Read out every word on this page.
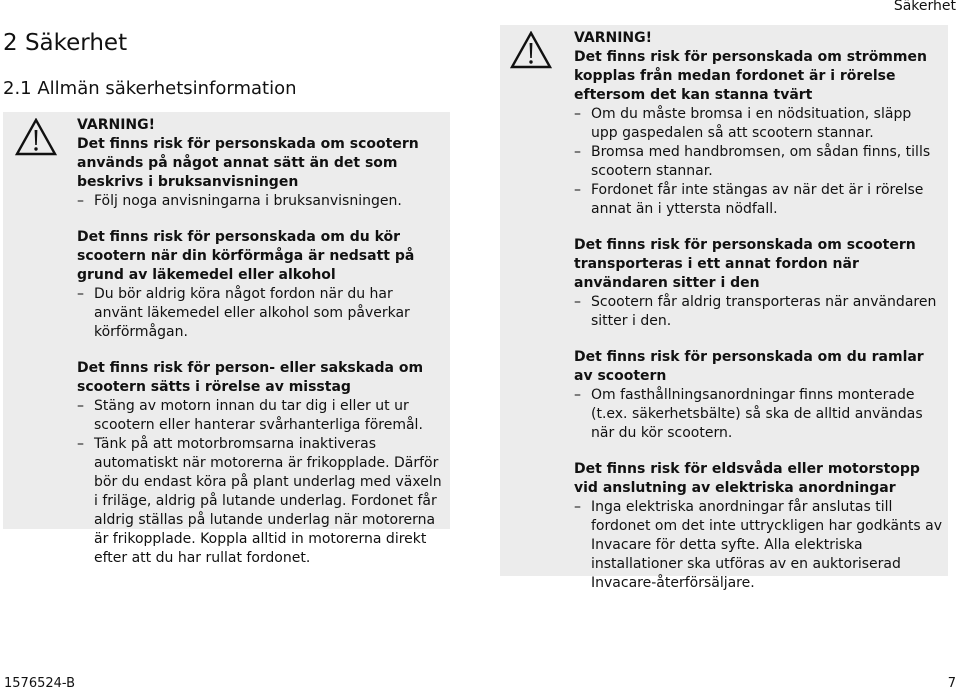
Säkerhet
2 Säkerhet
2.1 Allmän säkerhetsinformation

VARNING!

Det finns risk för personskada om scootern används på något annat sätt än det som beskrivs i bruksanvisningen

– Följ noga anvisningarna i bruksanvisningen.

Det finns risk för personskada om du kör scootern när din körförmåga är nedsatt på grund av läkemedel eller alkohol

– Du bör aldrig köra något fordon när du har använt läkemedel eller alkohol som påverkar körförmågan.

Det finns risk för person- eller sakskada om scootern sätts i rörelse av misstag

– Stäng av motorn innan du tar dig i eller ut ur scootern eller hanterar svårhanterliga föremål.
– Tänk på att motorbromsarna inaktiveras automatiskt när motorerna är frikopplade. Därför bör du endast köra på plant underlag med växeln i friläge, aldrig på lutande underlag. Fordonet får aldrig ställas på lutande underlag när motorerna är frikopplade. Koppla alltid in motorerna direkt efter att du har rullat fordonet.

VARNING!

Det finns risk för personskada om strömmen kopplas från medan fordonet är i rörelse eftersom det kan stanna tvärt

– Om du måste bromsa i en nödsituation, släpp upp gaspedalen så att scootern stannar.
– Bromsa med handbromsen, om sådan finns, tills scootern stannar.
– Fordonet får inte stängas av när det är i rörelse annat än i yttersta nödfall.

Det finns risk för personskada om scootern transporteras i ett annat fordon när användaren sitter i den

– Scootern får aldrig transporteras när användaren sitter i den.

Det finns risk för personskada om du ramlar av scootern

– Om fasthållningsanordningar finns monterade (t.ex. säkerhetsbälte) så ska de alltid användas när du kör scootern.

Det finns risk för eldsvåda eller motorstopp vid anslutning av elektriska anordningar

– Inga elektriska anordningar får anslutas till fordonet om det inte uttryckligen har godkänts av Invacare för detta syfte. Alla elektriska installationer ska utföras av en auktoriserad Invacare-återförsäljare.
1576524-B	7
